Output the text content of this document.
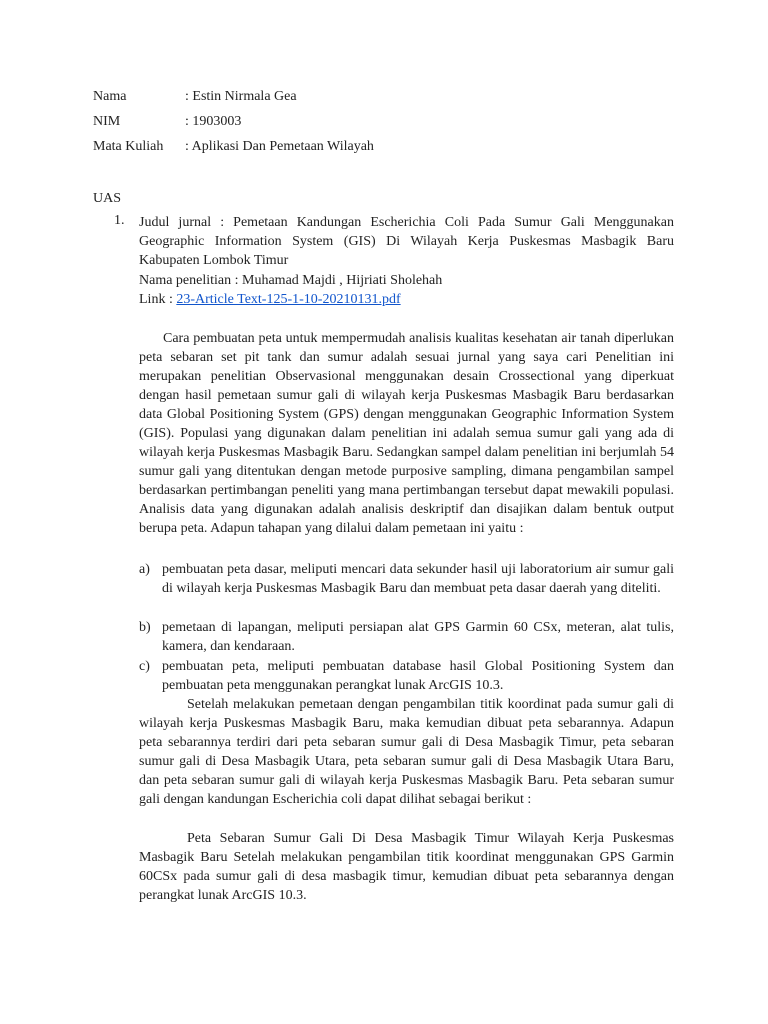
Nama	: Estin Nirmala Gea
NIM	: 1903003
Mata Kuliah : Aplikasi Dan Pemetaan Wilayah
UAS
1. Judul jurnal : Pemetaan Kandungan Escherichia Coli Pada Sumur Gali Menggunakan Geographic Information System (GIS) Di Wilayah Kerja Puskesmas Masbagik Baru Kabupaten Lombok Timur
Nama penelitian : Muhamad Majdi , Hijriati Sholehah
Link : 23-Article Text-125-1-10-20210131.pdf
Cara pembuatan peta untuk mempermudah analisis kualitas kesehatan air tanah diperlukan peta sebaran set pit tank dan sumur adalah sesuai jurnal yang saya cari Penelitian ini merupakan penelitian Observasional menggunakan desain Crossectional yang diperkuat dengan hasil pemetaan sumur gali di wilayah kerja Puskesmas Masbagik Baru berdasarkan data Global Positioning System (GPS) dengan menggunakan Geographic Information System (GIS). Populasi yang digunakan dalam penelitian ini adalah semua sumur gali yang ada di wilayah kerja Puskesmas Masbagik Baru. Sedangkan sampel dalam penelitian ini berjumlah 54 sumur gali yang ditentukan dengan metode purposive sampling, dimana pengambilan sampel berdasarkan pertimbangan peneliti yang mana pertimbangan tersebut dapat mewakili populasi. Analisis data yang digunakan adalah analisis deskriptif dan disajikan dalam bentuk output berupa peta. Adapun tahapan yang dilalui dalam pemetaan ini yaitu :
a) pembuatan peta dasar, meliputi mencari data sekunder hasil uji laboratorium air sumur gali di wilayah kerja Puskesmas Masbagik Baru dan membuat peta dasar daerah yang diteliti.
b) pemetaan di lapangan, meliputi persiapan alat GPS Garmin 60 CSx, meteran, alat tulis, kamera, dan kendaraan.
c) pembuatan peta, meliputi pembuatan database hasil Global Positioning System dan pembuatan peta menggunakan perangkat lunak ArcGIS 10.3.
Setelah melakukan pemetaan dengan pengambilan titik koordinat pada sumur gali di wilayah kerja Puskesmas Masbagik Baru, maka kemudian dibuat peta sebarannya. Adapun peta sebarannya terdiri dari peta sebaran sumur gali di Desa Masbagik Timur, peta sebaran sumur gali di Desa Masbagik Utara, peta sebaran sumur gali di Desa Masbagik Utara Baru, dan peta sebaran sumur gali di wilayah kerja Puskesmas Masbagik Baru. Peta sebaran sumur gali dengan kandungan Escherichia coli dapat dilihat sebagai berikut :
Peta Sebaran Sumur Gali Di Desa Masbagik Timur Wilayah Kerja Puskesmas Masbagik Baru Setelah melakukan pengambilan titik koordinat menggunakan GPS Garmin 60CSx pada sumur gali di desa masbagik timur, kemudian dibuat peta sebarannya dengan perangkat lunak ArcGIS 10.3.
